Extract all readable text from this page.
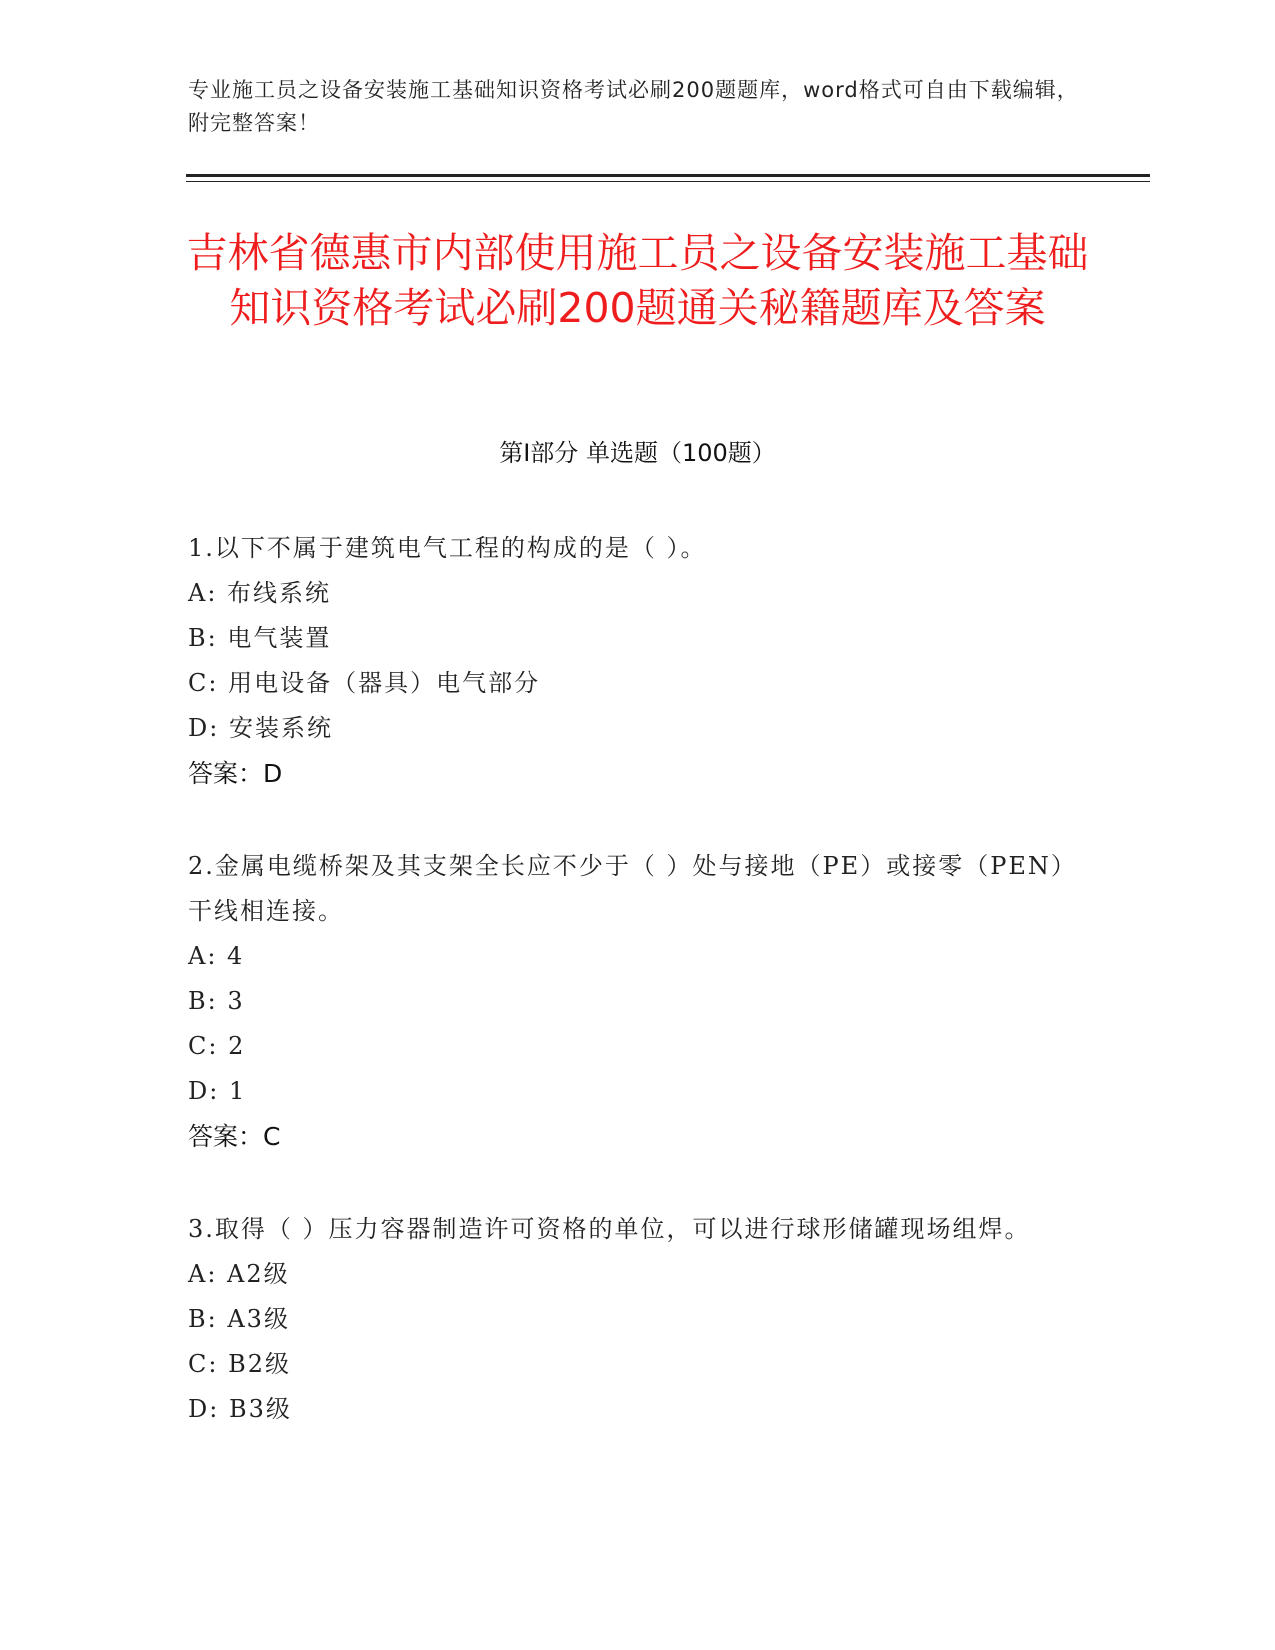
专业施工员之设备安装施工基础知识资格考试必刷200题题库，word格式可自由下载编辑，附完整答案！
吉林省德惠市内部使用施工员之设备安装施工基础知识资格考试必刷200题通关秘籍题库及答案
第Ⅰ部分 单选题（100题）
1.以下不属于建筑电气工程的构成的是（ ）。
A: 布线系统
B: 电气装置
C: 用电设备（器具）电气部分
D: 安装系统
答案：D
2.金属电缆桥架及其支架全长应不少于（ ）处与接地（PE）或接零（PEN）干线相连接。
A: 4
B: 3
C: 2
D: 1
答案：C
3.取得（ ）压力容器制造许可资格的单位，可以进行球形储罐现场组焊。
A: A2级
B: A3级
C: B2级
D: B3级
